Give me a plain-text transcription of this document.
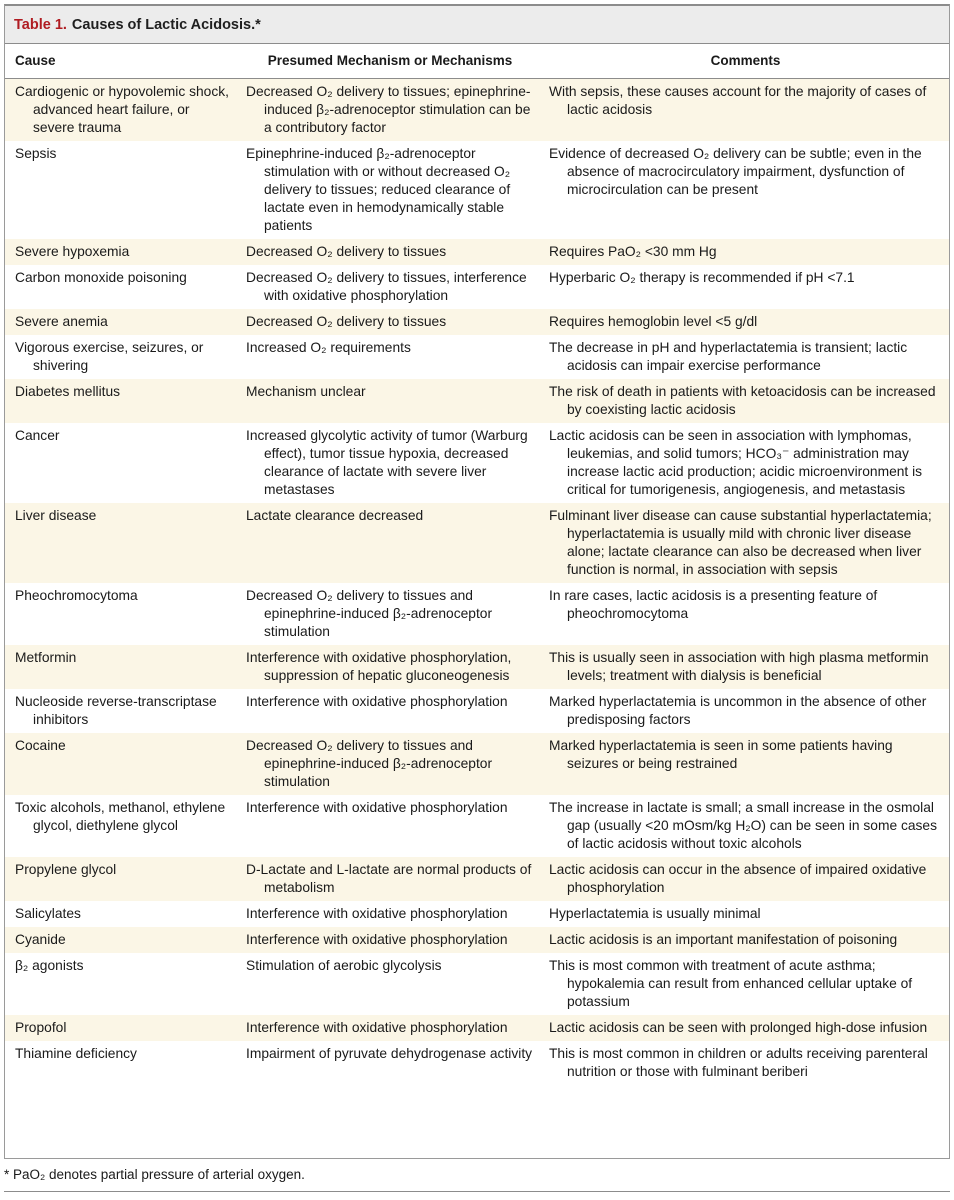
Table 1. Causes of Lactic Acidosis.*
Cause	Presumed Mechanism or Mechanisms	Comments

Cardiogenic or hypovolemic shock, advanced heart failure, or severe trauma	Decreased O₂ delivery to tissues; epinephrine-induced β₂-adrenoceptor stimulation can be a contributory factor	With sepsis, these causes account for the majority of cases of lactic acidosis

Sepsis	Epinephrine-induced β₂-adrenoceptor stimulation with or without decreased O₂ delivery to tissues; reduced clearance of lactate even in hemodynamically stable patients	Evidence of decreased O₂ delivery can be subtle; even in the absence of macrocirculatory impairment, dysfunction of microcirculation can be present

Severe hypoxemia	Decreased O₂ delivery to tissues	Requires PaO₂ <30 mm Hg

Carbon monoxide poisoning	Decreased O₂ delivery to tissues, interference with oxidative phosphorylation	Hyperbaric O₂ therapy is recommended if pH <7.1

Severe anemia	Decreased O₂ delivery to tissues	Requires hemoglobin level <5 g/dl

Vigorous exercise, seizures, or shivering	Increased O₂ requirements	The decrease in pH and hyperlactatemia is transient; lactic acidosis can impair exercise performance

Diabetes mellitus	Mechanism unclear	The risk of death in patients with ketoacidosis can be increased by coexisting lactic acidosis

Cancer	Increased glycolytic activity of tumor (Warburg effect), tumor tissue hypoxia, decreased clearance of lactate with severe liver metastases	Lactic acidosis can be seen in association with lymphomas, leukemias, and solid tumors; HCO₃⁻ administration may increase lactic acid production; acidic microenvironment is critical for tumorigenesis, angiogenesis, and metastasis

Liver disease	Lactate clearance decreased	Fulminant liver disease can cause substantial hyperlactatemia; hyperlactatemia is usually mild with chronic liver disease alone; lactate clearance can also be decreased when liver function is normal, in association with sepsis

Pheochromocytoma	Decreased O₂ delivery to tissues and epinephrine-induced β₂-adrenoceptor stimulation	In rare cases, lactic acidosis is a presenting feature of pheochromocytoma

Metformin	Interference with oxidative phosphorylation, suppression of hepatic gluconeogenesis	This is usually seen in association with high plasma metformin levels; treatment with dialysis is beneficial

Nucleoside reverse-transcriptase inhibitors	Interference with oxidative phosphorylation	Marked hyperlactatemia is uncommon in the absence of other predisposing factors

Cocaine	Decreased O₂ delivery to tissues and epinephrine-induced β₂-adrenoceptor stimulation	Marked hyperlactatemia is seen in some patients having seizures or being restrained

Toxic alcohols, methanol, ethylene glycol, diethylene glycol	Interference with oxidative phosphorylation	The increase in lactate is small; a small increase in the osmolal gap (usually <20 mOsm/kg H₂O) can be seen in some cases of lactic acidosis without toxic alcohols

Propylene glycol	D-Lactate and L-lactate are normal products of metabolism	Lactic acidosis can occur in the absence of impaired oxidative phosphorylation

Salicylates	Interference with oxidative phosphorylation	Hyperlactatemia is usually minimal

Cyanide	Interference with oxidative phosphorylation	Lactic acidosis is an important manifestation of poisoning

β₂ agonists	Stimulation of aerobic glycolysis	This is most common with treatment of acute asthma; hypokalemia can result from enhanced cellular uptake of potassium

Propofol	Interference with oxidative phosphorylation	Lactic acidosis can be seen with prolonged high-dose infusion

Thiamine deficiency	Impairment of pyruvate dehydrogenase activity	This is most common in children or adults receiving parenteral nutrition or those with fulminant beriberi
* PaO₂ denotes partial pressure of arterial oxygen.
